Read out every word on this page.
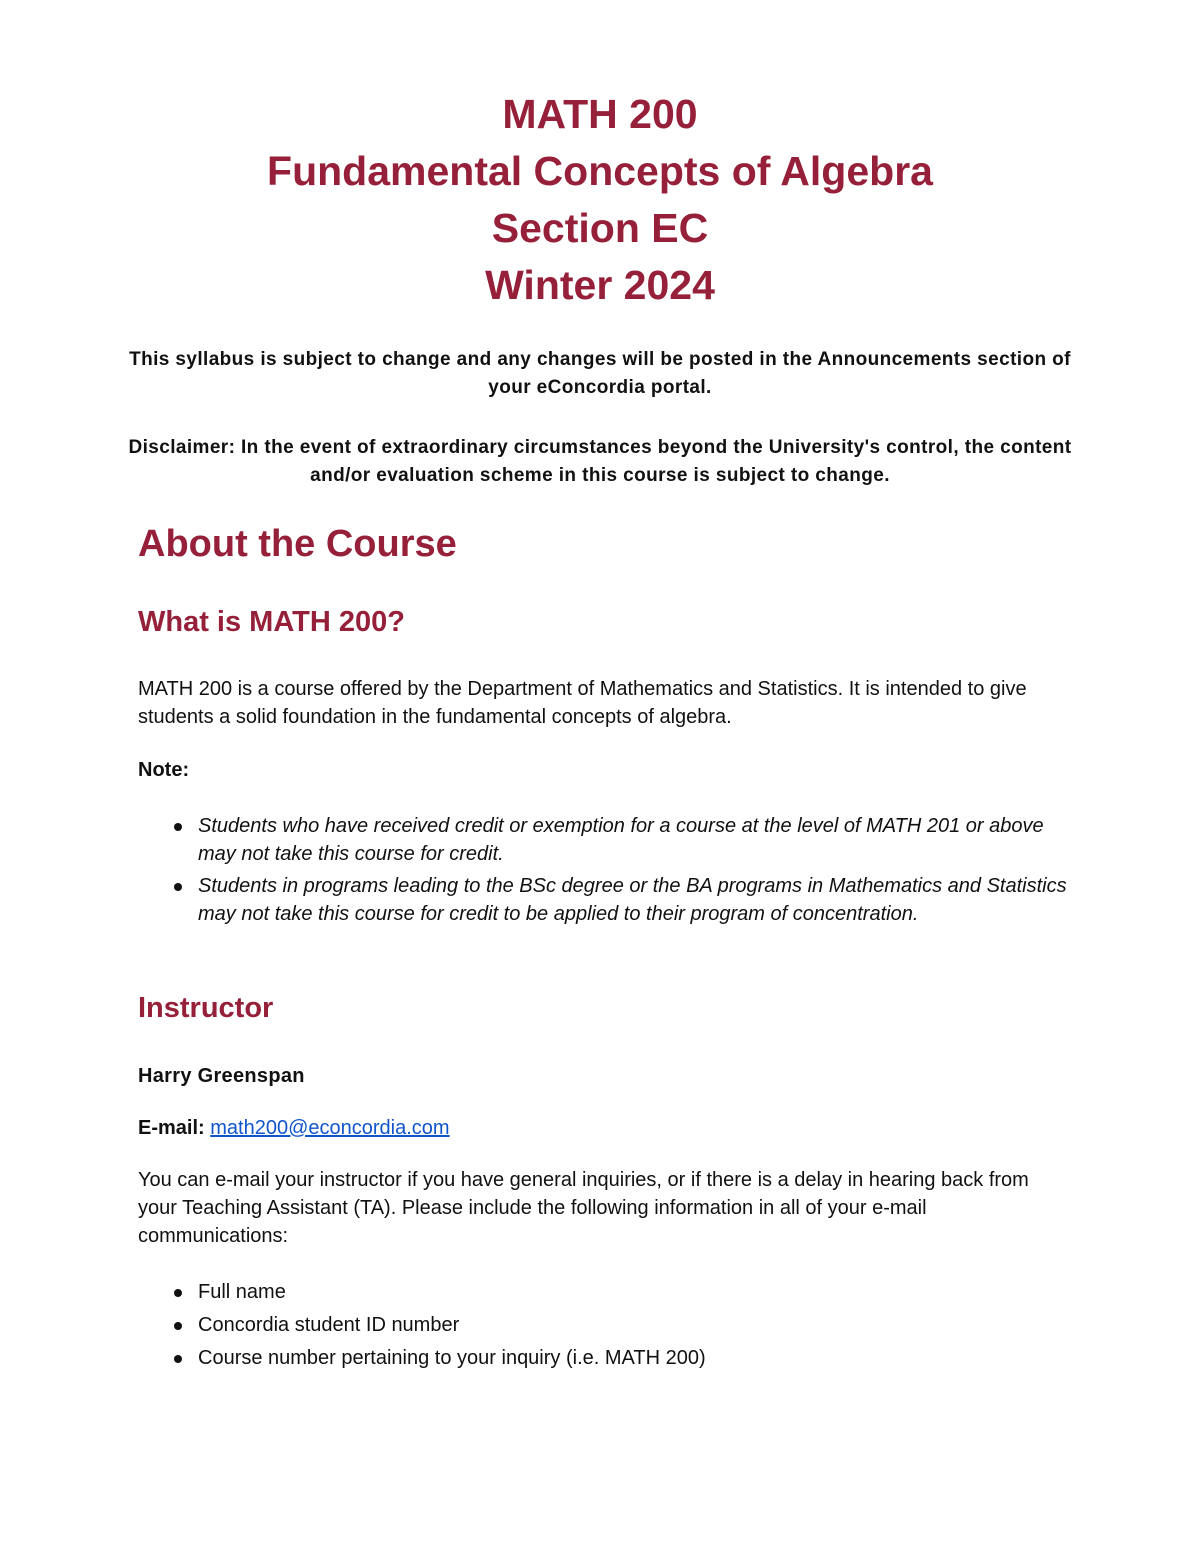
MATH 200
Fundamental Concepts of Algebra
Section EC
Winter 2024

This syllabus is subject to change and any changes will be posted in the Announcements section of your eConcordia portal.

Disclaimer: In the event of extraordinary circumstances beyond the University's control, the content and/or evaluation scheme in this course is subject to change.

About the Course
What is MATH 200?

MATH 200 is a course offered by the Department of Mathematics and Statistics. It is intended to give students a solid foundation in the fundamental concepts of algebra.

Note:

Students who have received credit or exemption for a course at the level of MATH 201 or above may not take this course for credit.
Students in programs leading to the BSc degree or the BA programs in Mathematics and Statistics may not take this course for credit to be applied to their program of concentration.
Instructor

Harry Greenspan

E-mail: math200@econcordia.com

You can e-mail your instructor if you have general inquiries, or if there is a delay in hearing back from your Teaching Assistant (TA). Please include the following information in all of your e-mail communications:

Full name
Concordia student ID number
Course number pertaining to your inquiry (i.e. MATH 200)
